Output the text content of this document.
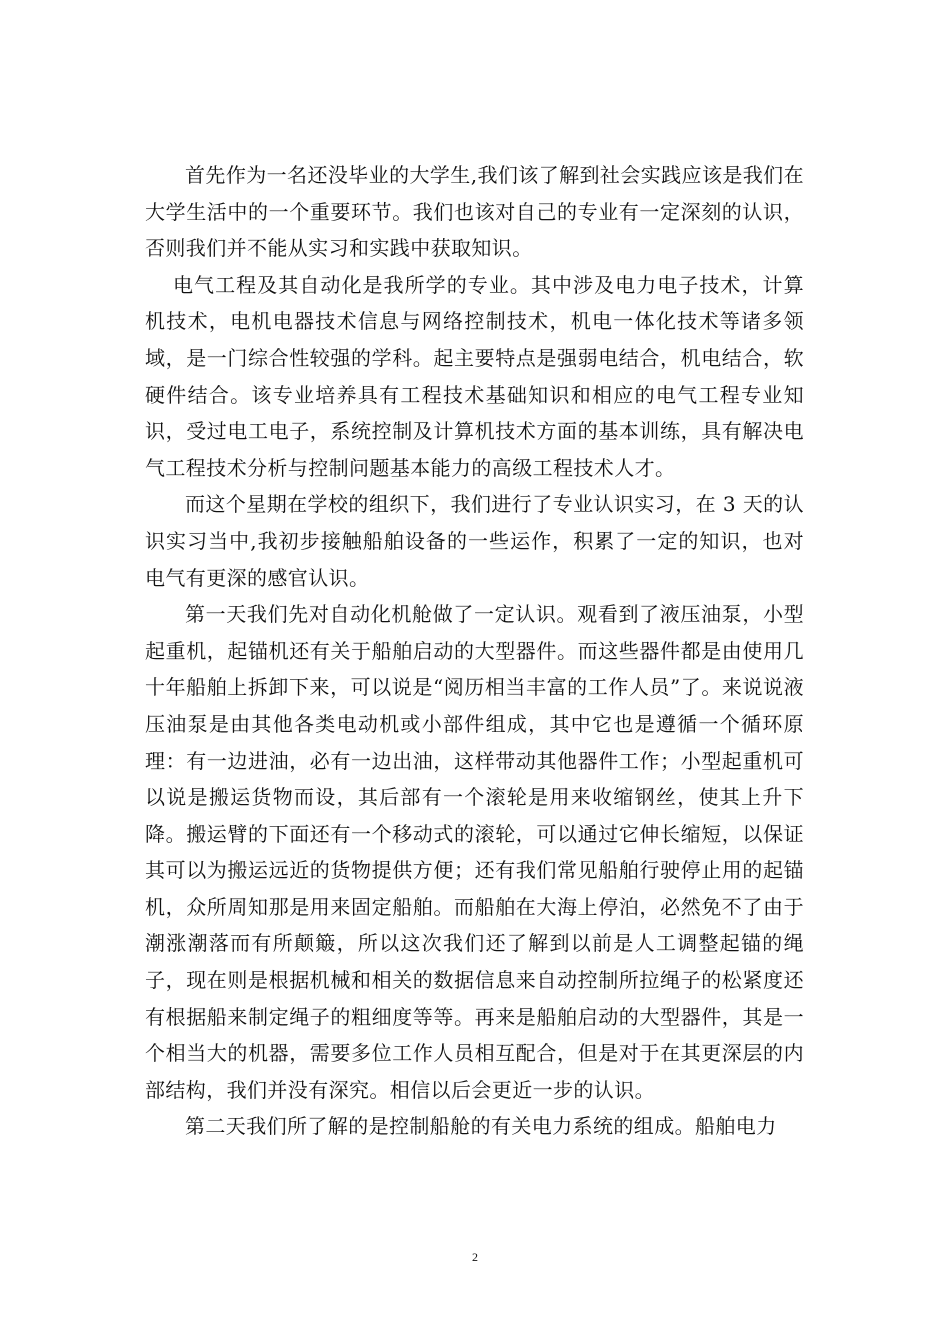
首先作为一名还没毕业的大学生,我们该了解到社会实践应该是我们在大学生活中的一个重要环节。我们也该对自己的专业有一定深刻的认识，否则我们并不能从实习和实践中获取知识。

电气工程及其自动化是我所学的专业。其中涉及电力电子技术，计算机技术，电机电器技术信息与网络控制技术，机电一体化技术等诸多领域，是一门综合性较强的学科。起主要特点是强弱电结合，机电结合，软硬件结合。该专业培养具有工程技术基础知识和相应的电气工程专业知识，受过电工电子，系统控制及计算机技术方面的基本训练，具有解决电气工程技术分析与控制问题基本能力的高级工程技术人才。

而这个星期在学校的组织下，我们进行了专业认识实习，在 3 天的认识实习当中,我初步接触船舶设备的一些运作，积累了一定的知识，也对电气有更深的感官认识。

第一天我们先对自动化机舱做了一定认识。观看到了液压油泵，小型起重机，起锚机还有关于船舶启动的大型器件。而这些器件都是由使用几十年船舶上拆卸下来，可以说是“阅历相当丰富的工作人员”了。来说说液压油泵是由其他各类电动机或小部件组成，其中它也是遵循一个循环原理：有一边进油，必有一边出油，这样带动其他器件工作；小型起重机可以说是搬运货物而设，其后部有一个滚轮是用来收缩钢丝，使其上升下降。搬运臂的下面还有一个移动式的滚轮，可以通过它伸长缩短，以保证其可以为搬运远近的货物提供方便；还有我们常见船舶行驶停止用的起锚机，众所周知那是用来固定船舶。而船舶在大海上停泊，必然免不了由于潮涨潮落而有所颠簸，所以这次我们还了解到以前是人工调整起锚的绳子，现在则是根据机械和相关的数据信息来自动控制所拉绳子的松紧度还有根据船来制定绳子的粗细度等等。再来是船舶启动的大型器件，其是一个相当大的机器，需要多位工作人员相互配合，但是对于在其更深层的内部结构，我们并没有深究。相信以后会更近一步的认识。

第二天我们所了解的是控制船舱的有关电力系统的组成。船舶电力

2
